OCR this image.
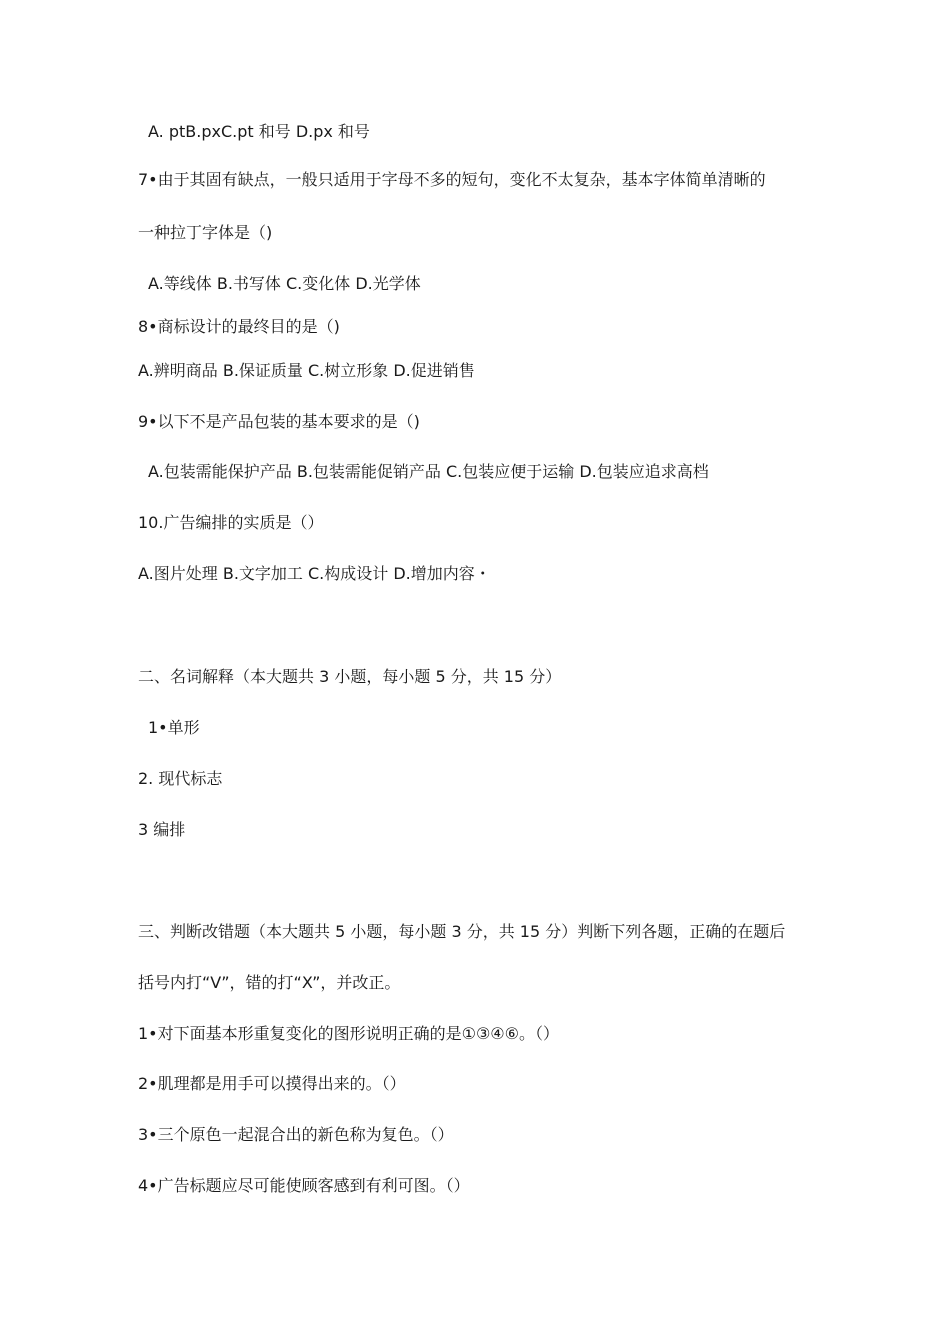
A. ptB.pxC.pt 和号 D.px 和号
7•由于其固有缺点，一般只适用于字母不多的短句，变化不太复杂，基本字体简单清晰的
一种拉丁字体是（)
A.等线体 B.书写体 C.变化体 D.光学体
8•商标设计的最终目的是（)
A.辨明商品 B.保证质量 C.树立形象 D.促进销售
9•以下不是产品包装的基本要求的是（)
A.包装需能保护产品 B.包装需能促销产品 C.包装应便于运输 D.包装应追求高档
10.广告编排的实质是（）
A.图片处理 B.文字加工 C.构成设计 D.增加内容・
二、名词解释（本大题共 3 小题，每小题 5 分，共 15 分）
1•单形
2. 现代标志
3 编排
三、判断改错题（本大题共 5 小题，每小题 3 分，共 15 分）判断下列各题，正确的在题后
括号内打“V”，错的打“X”，并改正。
1•对下面基本形重复变化的图形说明正确的是①③④⑥。（）
2•肌理都是用手可以摸得出来的。（）
3•三个原色一起混合出的新色称为复色。（）
4•广告标题应尽可能使顾客感到有利可图。（）
